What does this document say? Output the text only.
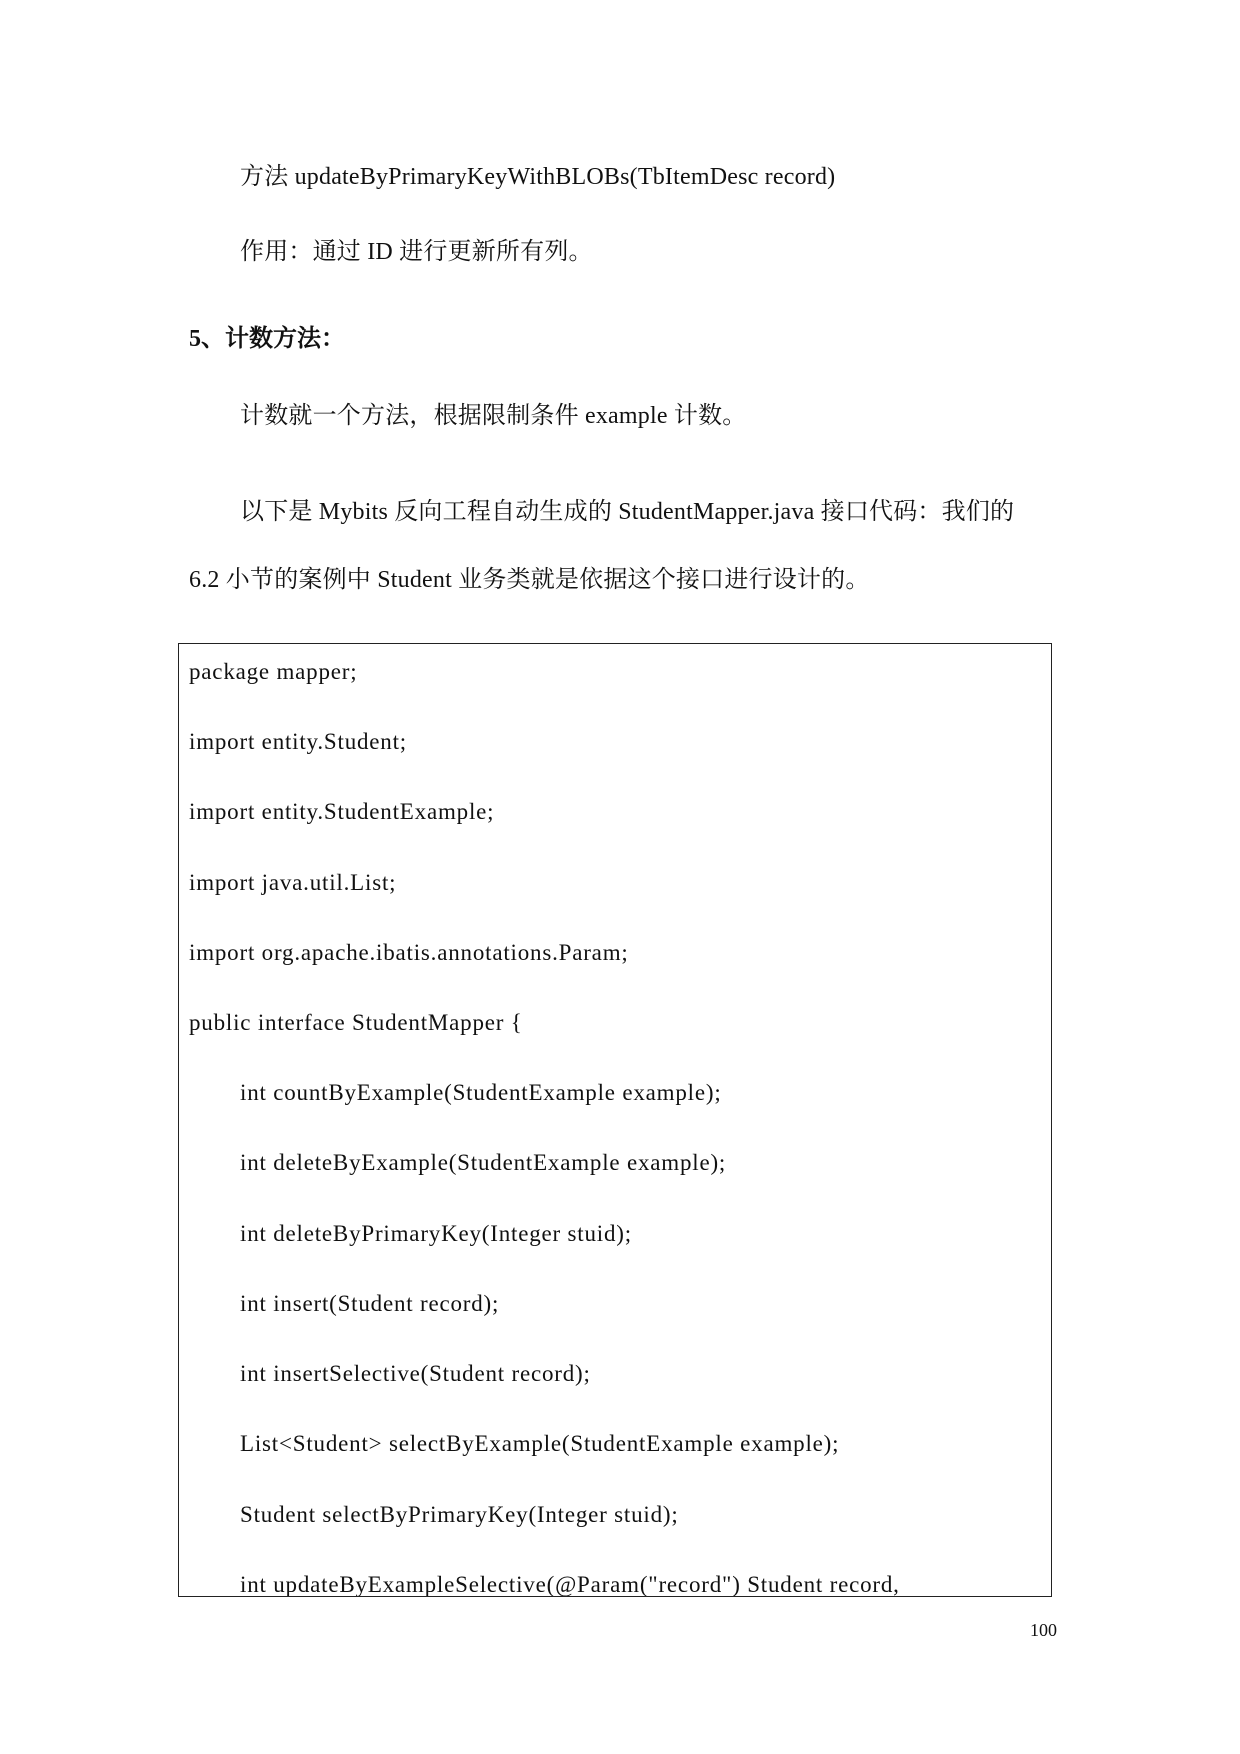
方法 updateByPrimaryKeyWithBLOBs(TbItemDesc record)
作用：通过 ID 进行更新所有列。
5、计数方法：
计数就一个方法，根据限制条件 example 计数。
以下是 Mybits 反向工程自动生成的 StudentMapper.java 接口代码：我们的
6.2 小节的案例中 Student 业务类就是依据这个接口进行设计的。
package mapper;
import entity.Student;
import entity.StudentExample;
import java.util.List;
import org.apache.ibatis.annotations.Param;
public interface StudentMapper {
int countByExample(StudentExample example);
int deleteByExample(StudentExample example);
int deleteByPrimaryKey(Integer stuid);
int insert(Student record);
int insertSelective(Student record);
List<Student> selectByExample(StudentExample example);
Student selectByPrimaryKey(Integer stuid);
int updateByExampleSelective(@Param("record") Student record,
100
